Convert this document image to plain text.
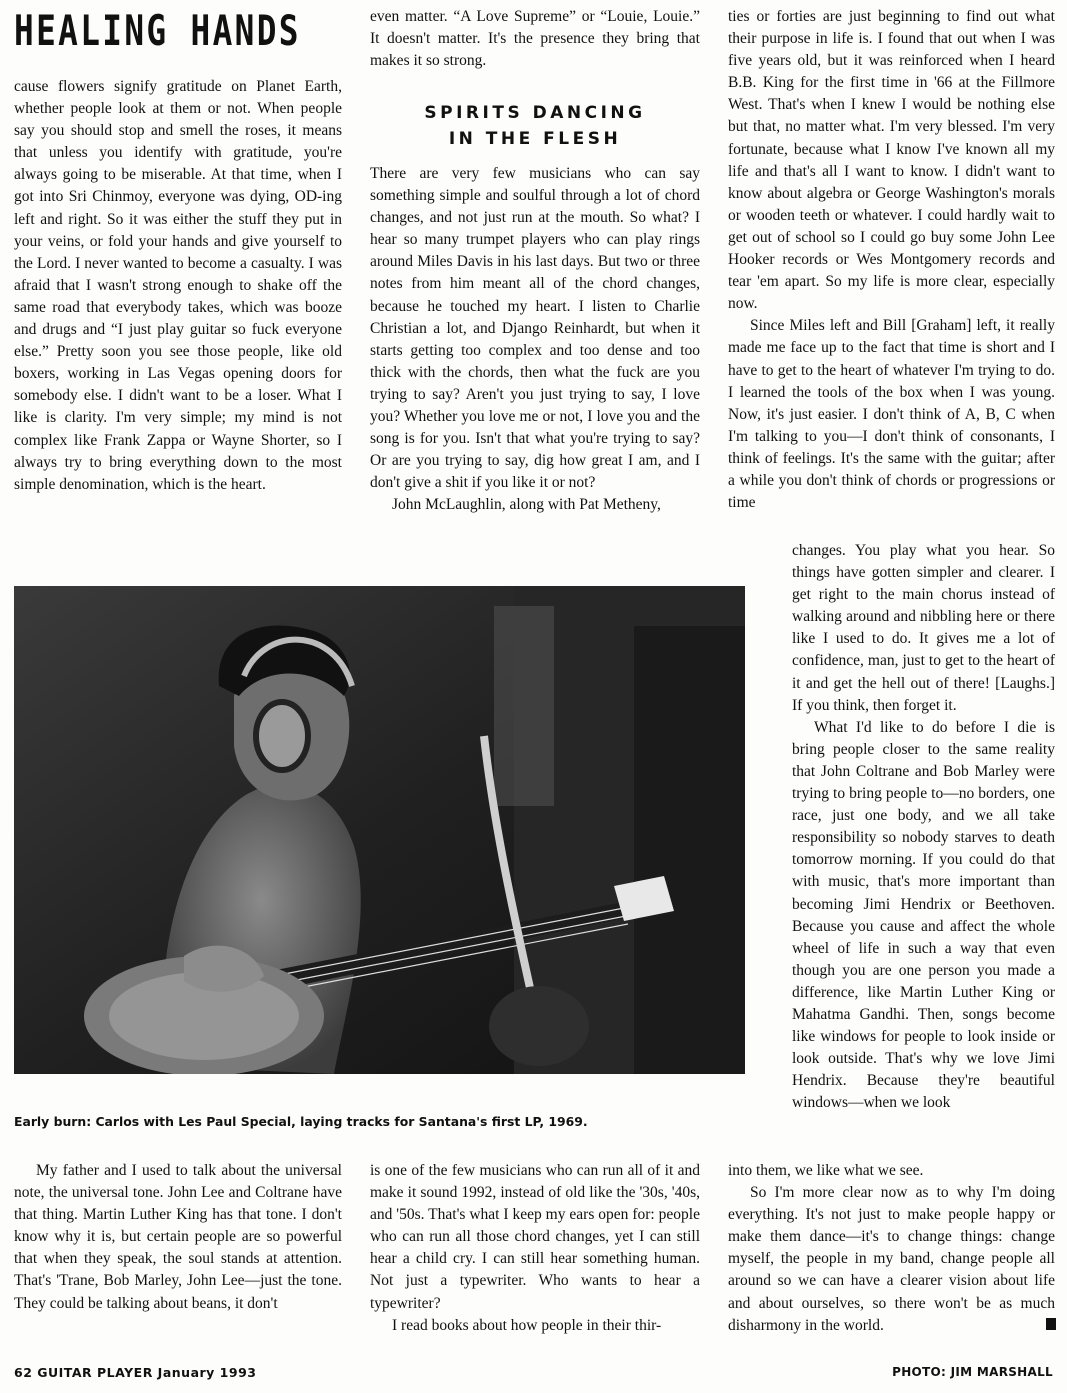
HEALING HANDS

cause flowers signify gratitude on Planet Earth, whether people look at them or not. When people say you should stop and smell the roses, it means that unless you identify with gratitude, you're always going to be miserable. At that time, when I got into Sri Chinmoy, everyone was dying, OD-ing left and right. So it was either the stuff they put in your veins, or fold your hands and give yourself to the Lord. I never wanted to become a casualty. I was afraid that I wasn't strong enough to shake off the same road that everybody takes, which was booze and drugs and “I just play guitar so fuck everyone else.” Pretty soon you see those people, like old boxers, working in Las Vegas opening doors for somebody else. I didn't want to be a loser. What I like is clarity. I'm very simple; my mind is not complex like Frank Zappa or Wayne Shorter, so I always try to bring everything down to the most simple denomination, which is the heart.

even matter. “A Love Supreme” or “Louie, Louie.” It doesn't matter. It's the presence they bring that makes it so strong.

SPIRITS DANCING
IN THE FLESH

There are very few musicians who can say something simple and soulful through a lot of chord changes, and not just run at the mouth. So what? I hear so many trumpet players who can play rings around Miles Davis in his last days. But two or three notes from him meant all of the chord changes, because he touched my heart. I listen to Charlie Christian a lot, and Django Reinhardt, but when it starts getting too complex and too dense and too thick with the chords, then what the fuck are you trying to say? Aren't you just trying to say, I love you? Whether you love me or not, I love you and the song is for you. Isn't that what you're trying to say? Or are you trying to say, dig how great I am, and I don't give a shit if you like it or not?

John McLaughlin, along with Pat Metheny,

ties or forties are just beginning to find out what their purpose in life is. I found that out when I was five years old, but it was reinforced when I heard B.B. King for the first time in '66 at the Fillmore West. That's when I knew I would be nothing else but that, no matter what. I'm very blessed. I'm very fortunate, because what I know I've known all my life and that's all I want to know. I didn't want to know about algebra or George Washington's morals or wooden teeth or whatever. I could hardly wait to get out of school so I could go buy some John Lee Hooker records or Wes Montgomery records and tear 'em apart. So my life is more clear, especially now.

Since Miles left and Bill [Graham] left, it really made me face up to the fact that time is short and I have to get to the heart of whatever I'm trying to do. I learned the tools of the box when I was young. Now, it's just easier. I don't think of A, B, C when I'm talking to you—I don't think of consonants, I think of feelings. It's the same with the guitar; after a while you don't think of chords or progressions or time

changes. You play what you hear. So things have gotten simpler and clearer. I get right to the main chorus instead of walking around and nibbling here or there like I used to do. It gives me a lot of confidence, man, just to get to the heart of it and get the hell out of there! [Laughs.] If you think, then forget it.

What I'd like to do before I die is bring people closer to the same reality that John Coltrane and Bob Marley were trying to bring people to—no borders, one race, just one body, and we all take responsibility so nobody starves to death tomorrow morning. If you could do that with music, that's more important than becoming Jimi Hendrix or Beethoven. Because you cause and affect the whole wheel of life in such a way that even though you are one person you made a difference, like Martin Luther King or Mahatma Gandhi. Then, songs become like windows for people to look inside or look outside. That's why we love Jimi Hendrix. Because they're beautiful windows—when we look

into them, we like what we see.

So I'm more clear now as to why I'm doing everything. It's not just to make people happy or make them dance—it's to change things: change myself, the people in my band, change people all around so we can have a clearer vision about life and about ourselves, so there won't be as much disharmony in the world.

Early burn: Carlos with Les Paul Special, laying tracks for Santana's first LP, 1969.

My father and I used to talk about the universal note, the universal tone. John Lee and Coltrane have that thing. Martin Luther King has that tone. I don't know why it is, but certain people are so powerful that when they speak, the soul stands at attention. That's 'Trane, Bob Marley, John Lee—just the tone. They could be talking about beans, it don't

is one of the few musicians who can run all of it and make it sound 1992, instead of old like the '30s, '40s, and '50s. That's what I keep my ears open for: people who can run all those chord changes, yet I can still hear a child cry. I can still hear something human. Not just a typewriter. Who wants to hear a typewriter?

I read books about how people in their thir-

62 GUITAR PLAYER January 1993	PHOTO: JIM MARSHALL
